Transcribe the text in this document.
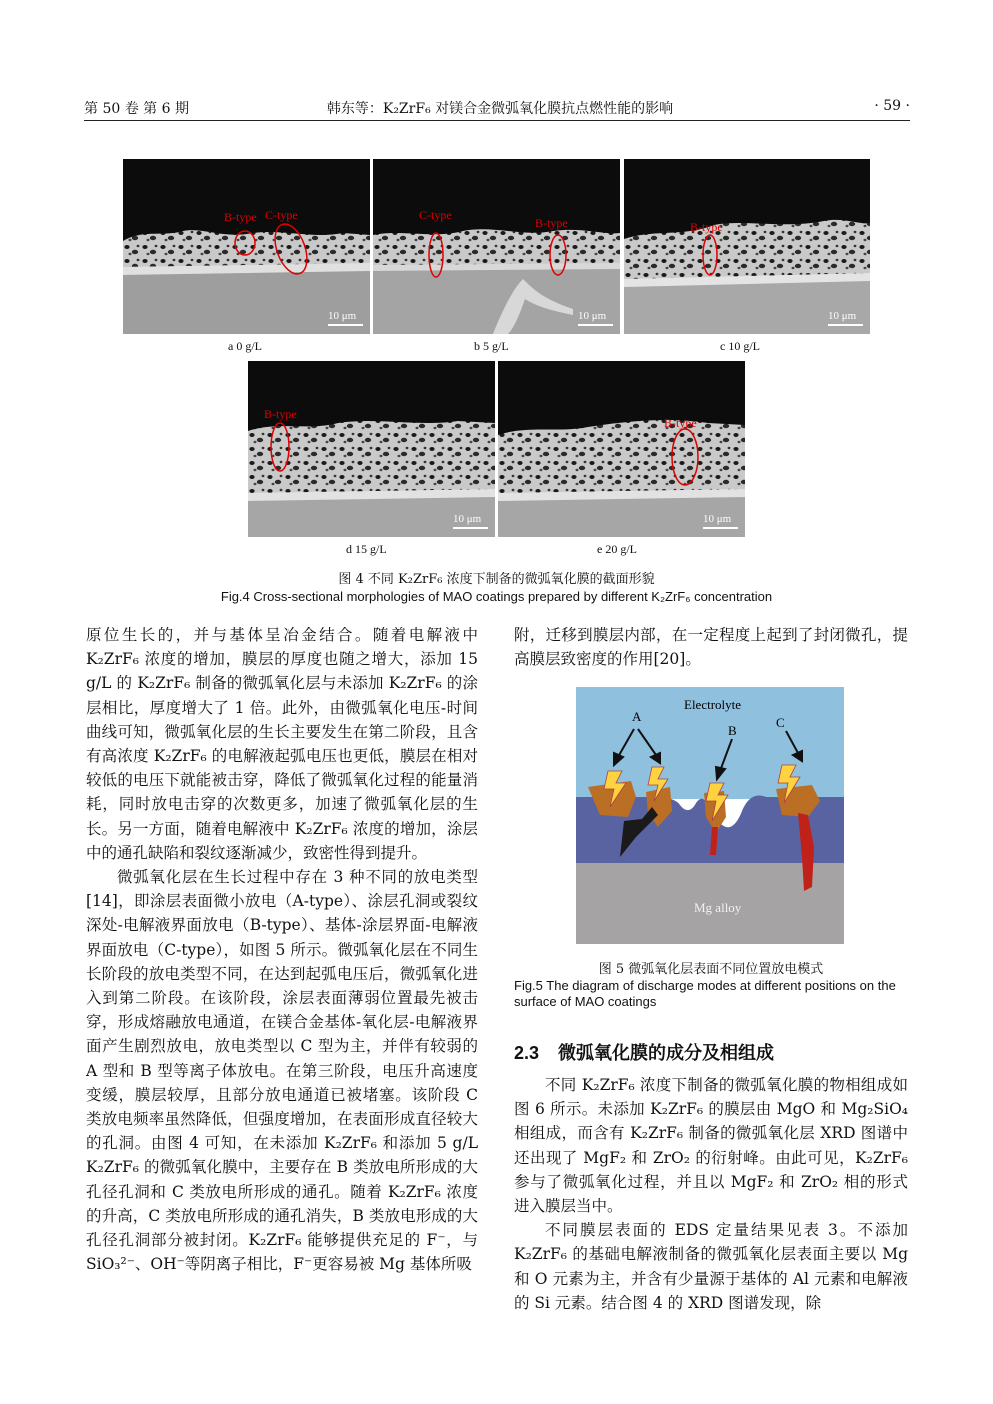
第 50 卷 第 6 期	韩东等：K₂ZrF₆ 对镁合金微弧氧化膜抗点燃性能的影响	· 59 ·
B-type C-type
10 μm
a 0 g/L
C-type
B-type
10 μm
b 5 g/L
B-type
10 μm
c 10 g/L
B-type
10 μm
d 15 g/L
B-type
10 μm
e 20 g/L
图 4 不同 K₂ZrF₆ 浓度下制备的微弧氧化膜的截面形貌
Fig.4 Cross-sectional morphologies of MAO coatings prepared by different K₂ZrF₆ concentration

原位生长的，并与基体呈冶金结合。随着电解液中K₂ZrF₆ 浓度的增加，膜层的厚度也随之增大，添加 15 g/L 的 K₂ZrF₆ 制备的微弧氧化层与未添加 K₂ZrF₆ 的涂层相比，厚度增大了 1 倍。此外，由微弧氧化电压-时间曲线可知，微弧氧化层的生长主要发生在第二阶段，且含有高浓度 K₂ZrF₆ 的电解液起弧电压也更低，膜层在相对较低的电压下就能被击穿，降低了微弧氧化过程的能量消耗，同时放电击穿的次数更多，加速了微弧氧化层的生长。另一方面，随着电解液中 K₂ZrF₆ 浓度的增加，涂层中的通孔缺陷和裂纹逐渐减少，致密性得到提升。

微弧氧化层在生长过程中存在 3 种不同的放电类型[14]，即涂层表面微小放电（A-type）、涂层孔洞或裂纹深处-电解液界面放电（B-type）、基体-涂层界面-电解液界面放电（C-type），如图 5 所示。微弧氧化层在不同生长阶段的放电类型不同，在达到起弧电压后，微弧氧化进入到第二阶段。在该阶段，涂层表面薄弱位置最先被击穿，形成熔融放电通道，在镁合金基体-氧化层-电解液界面产生剧烈放电，放电类型以 C 型为主，并伴有较弱的 A 型和 B 型等离子体放电。在第三阶段，电压升高速度变缓，膜层较厚，且部分放电通道已被堵塞。该阶段 C 类放电频率虽然降低，但强度增加，在表面形成直径较大的孔洞。由图 4 可知，在未添加 K₂ZrF₆ 和添加 5 g/L K₂ZrF₆ 的微弧氧化膜中，主要存在 B 类放电所形成的大孔径孔洞和 C 类放电所形成的通孔。随着 K₂ZrF₆ 浓度的升高，C 类放电所形成的通孔消失，B 类放电形成的大孔径孔洞部分被封闭。K₂ZrF₆ 能够提供充足的 F⁻，与 SiO₃²⁻、OH⁻等阴离子相比，F⁻更容易被 Mg 基体所吸

附，迁移到膜层内部，在一定程度上起到了封闭微孔，提高膜层致密度的作用[20]。
Electrolyte
A
B
C
Mg alloy
图 5 微弧氧化层表面不同位置放电模式
Fig.5 The diagram of discharge modes at different positions on the surface of MAO coatings
2.3 微弧氧化膜的成分及相组成

不同 K₂ZrF₆ 浓度下制备的微弧氧化膜的物相组成如图 6 所示。未添加 K₂ZrF₆ 的膜层由 MgO 和 Mg₂SiO₄ 相组成，而含有 K₂ZrF₆ 制备的微弧氧化层 XRD 图谱中还出现了 MgF₂ 和 ZrO₂ 的衍射峰。由此可见，K₂ZrF₆ 参与了微弧氧化过程，并且以 MgF₂ 和 ZrO₂ 相的形式进入膜层当中。

不同膜层表面的 EDS 定量结果见表 3。不添加 K₂ZrF₆ 的基础电解液制备的微弧氧化层表面主要以 Mg 和 O 元素为主，并含有少量源于基体的 Al 元素和电解液的 Si 元素。结合图 4 的 XRD 图谱发现，除
